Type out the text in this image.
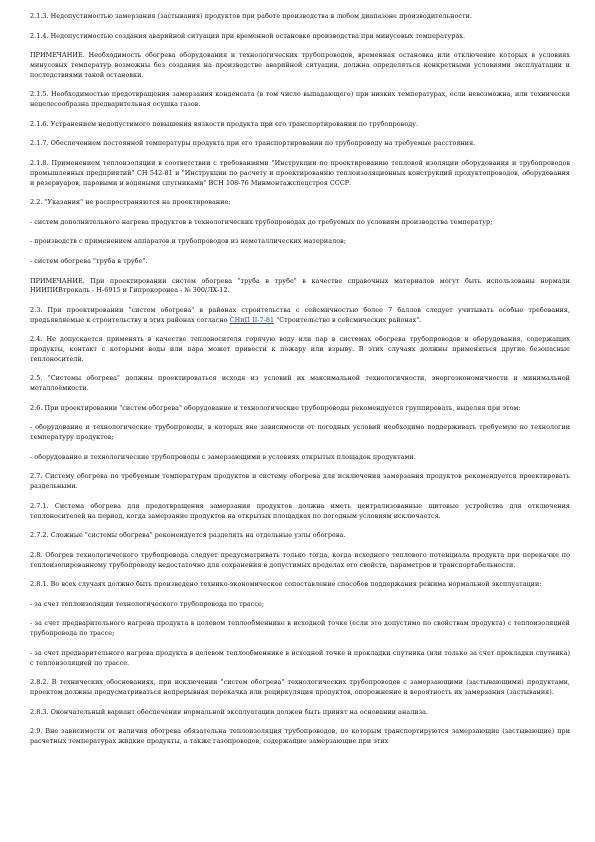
2.1.3. Недопустимостью замерзания (застывания) продуктов при работе производства в любом диапазоне производительности.

2.1.4. Недопустимостью создания аварийной ситуации при временной остановке производства при минусовых температурах.

ПРИМЕЧАНИЕ. Необходимость обогрева оборудования и технологических трубопроводов, временная остановка или отключение которых в условиях минусовых температур возможны без создания на производстве аварийной ситуации, должна определяться конкретными условиями эксплуатации и последствиями такой остановки.

2.1.5. Необходимостью предотвращения замерзания конденсата (в том числе выпадающего) при низких температурах, если невозможна, или технически нецелесообразна предварительная осушка газов.

2.1.6. Устранением недопустимого повышения вязкости продукта при его транспортировании по трубопроводу.

2.1.7. Обеспечением постоянной температуры продукта при его транспортировании по трубопроводу на требуемые расстояния.

2.1.8. Применением теплоизоляции в соответствии с требованиями "Инструкции по проектированию тепловой изоляции оборудования и трубопроводов промышленных предприятий" СН 542-81 и "Инструкции по расчету и проектированию теплоизоляционных конструкций продуктопроводов, оборудования и резервуаров, паровыми и водяными спутниками" ВСН 108-76 Минмонтажспецстроя СССР.

2.2. "Указания" не распространяются на проектирование:

- систем дополнительного нагрева продуктов в технологических трубопроводах до требуемых по условиям производства температур;

- производств с применением аппаратов и трубопроводов из неметаллических материалов;

- систем обогрева "труба в трубе".

ПРИМЕЧАНИЕ. При проектировании систем обогрева "труба в трубе" в качестве справочных материалов могут быть использованы нормали НИИПИВтрокаль - Н-6915 и Гипрокоронеа - № 300/ЛХ-12.

2.3. При проектировании "систем обогрева" в районах строительства с сейсмичностью более 7 баллов следует учитывать особые требования, предъявляемые к строительству в этих районах согласно СНиП II-7-81 "Строительство в сейсмических районах".

2.4. Не допускается применять в качестве теплоносителя горячую воду или пар в системах обогрева трубопроводов и оборудования, содержащих продукты, контакт с которыми воды или пара может привести к пожару или взрыву. В этих случаях должны применяться другие безопасные теплоносители.

2.5. "Системы обогрева" должны проектироваться исходя из условий их максимальной технологичности, энергоэкономичности и минимальной металлоёмкости.

2.6. При проектировании "систем обогрева" оборудование и технологические трубопроводы рекомендуется группировать, выделяя при этом:

- оборудование и технологические трубопроводы, в которых вне зависимости от погодных условий необходимо поддерживать требуемую по технологии температуру продуктов;

- оборудование и технологические трубопроводы с замерзающими в условиях открытых площадок продуктами.

2.7. Систему обогрева по требуемым температурам продуктов и систему обогрева для исключения замерзания продуктов рекомендуется проектировать раздельными.

2.7.1. Система обогрева для предотвращения замерзания продуктов должна иметь централизованные щитовые устройства для отключения теплоносителей на период, когда замерзание продуктов на открытых площадках по погодным условиям исключается.

2.7.2. Сложные "системы обогрева" рекомендуется разделять на отдельные узлы обогрева.

2.8. Обогрев технологического трубопровода следует предусматривать только тогда, когда исходного теплового потенциала продукта при перекачке по теплоизолированному трубопроводу недостаточно для сохранения в допустимых пределах его свойств, параметров и транспортабельности.

2.8.1. Во всех случаях должно быть произведено технико-экономическое сопоставление способов поддержания режима нормальной эксплуатации:

- за счет теплоизоляции технологического трубопровода по трассе;

- за счет предварительного нагрева продукта в целевом теплообменнике в исходной точке (если это допустимо по свойствам продукта) с теплоизоляцией трубопровода по трассе;

- за счет предварительного нагрева продукта в целевом теплообменнике в исходной точке и прокладки спутника (или только за счет прокладки спутника) с теплоизоляцией по трассе.

2.8.2. В технических обоснованиях, при исключении "систем обогрева" технологических трубопроводов с замерзающими (застывающими) продуктами, проектом должны предусматриваться непрерывная перекачка или рециркуляция продуктов, опорожнение и вероятность их замерзания (застывания).

2.8.3. Окончательный вариант обеспечения нормальной эксплуатации должен быть принят на основании анализа.

2.9. Вне зависимости от наличия обогрева обязательна теплоизоляция трубопроводов, по которым транспортируются замерзающие (застывающие) при расчетных температурах жидкие продукты, а также газопроводов, содержащие замерзающие при этих
